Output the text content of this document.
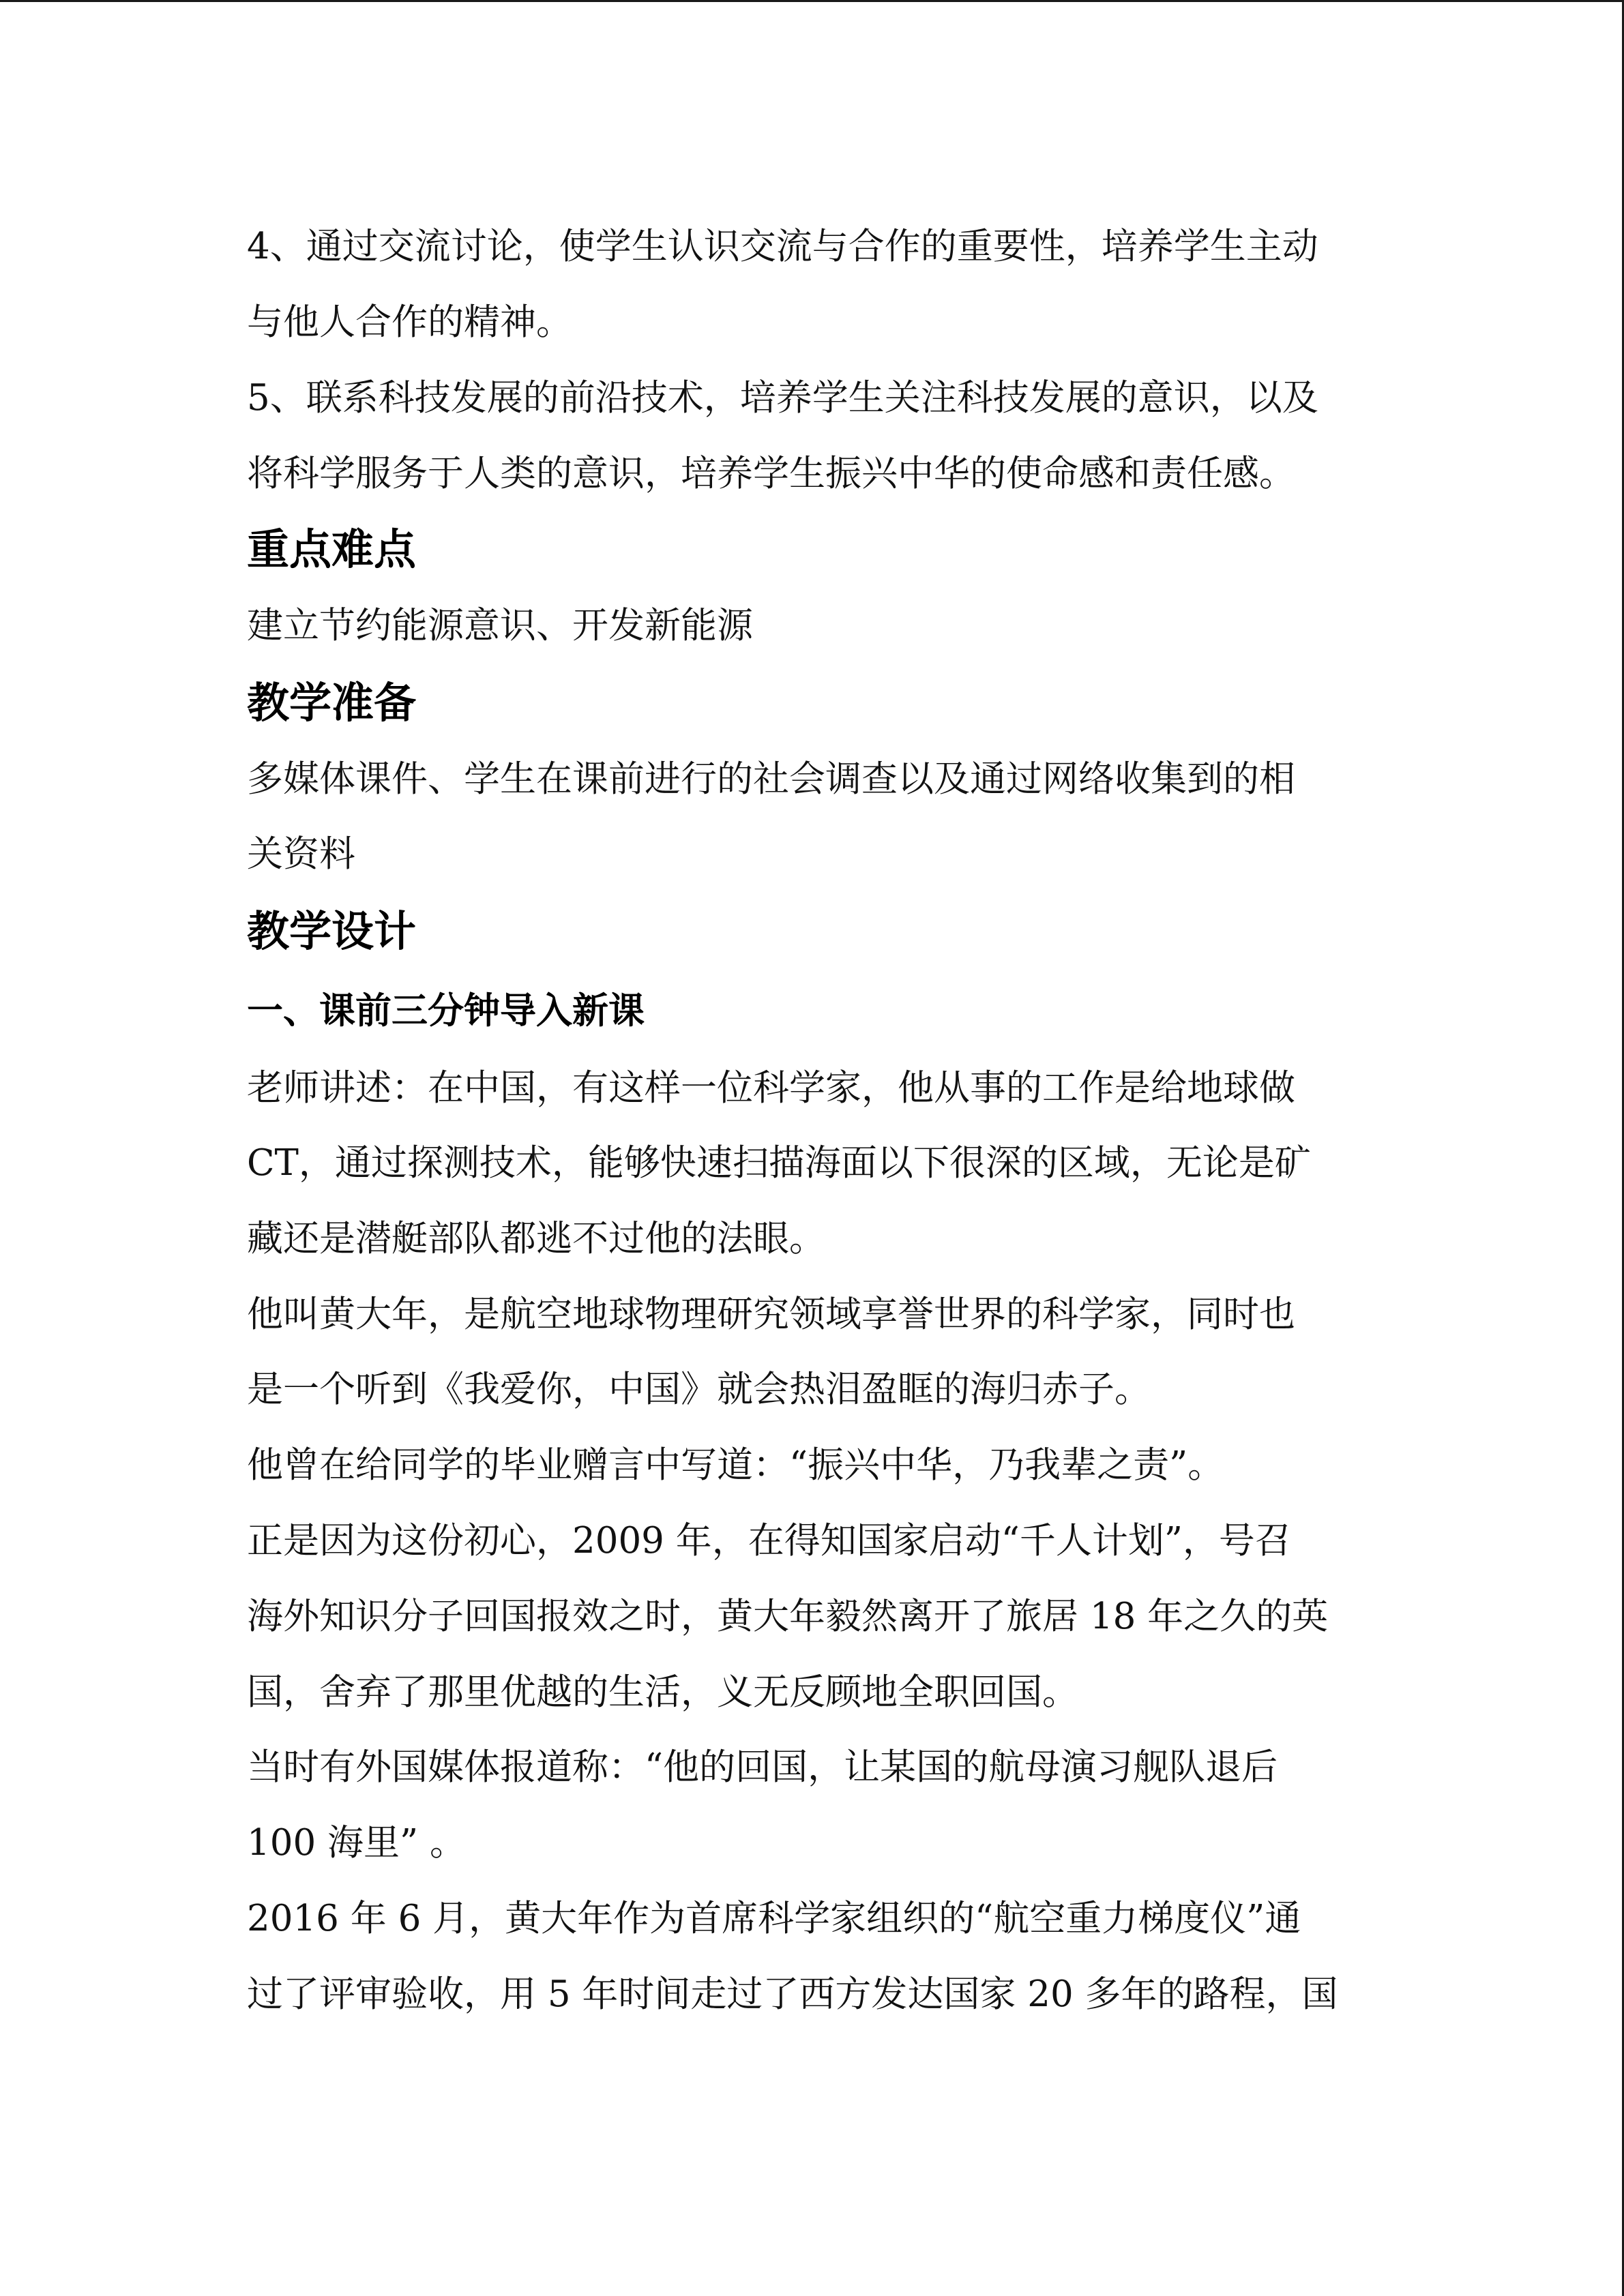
4、通过交流讨论，使学生认识交流与合作的重要性，培养学生主动
与他人合作的精神。
5、联系科技发展的前沿技术，培养学生关注科技发展的意识，以及
将科学服务于人类的意识，培养学生振兴中华的使命感和责任感。
重点难点
建立节约能源意识、开发新能源
教学准备
多媒体课件、学生在课前进行的社会调查以及通过网络收集到的相
关资料
教学设计
一、课前三分钟导入新课
老师讲述：在中国，有这样一位科学家，他从事的工作是给地球做
CT，通过探测技术，能够快速扫描海面以下很深的区域，无论是矿
藏还是潜艇部队都逃不过他的法眼。
他叫黄大年，是航空地球物理研究领域享誉世界的科学家，同时也
是一个听到《我爱你，中国》就会热泪盈眶的海归赤子。
他曾在给同学的毕业赠言中写道：“振兴中华，乃我辈之责”。
正是因为这份初心，2009 年，在得知国家启动“千人计划”，号召
海外知识分子回国报效之时，黄大年毅然离开了旅居 18 年之久的英
国，舍弃了那里优越的生活，义无反顾地全职回国。
当时有外国媒体报道称：“他的回国，让某国的航母演习舰队退后
100 海里” 。
2016 年 6 月，黄大年作为首席科学家组织的“航空重力梯度仪”通
过了评审验收，用 5 年时间走过了西方发达国家 20 多年的路程，国
